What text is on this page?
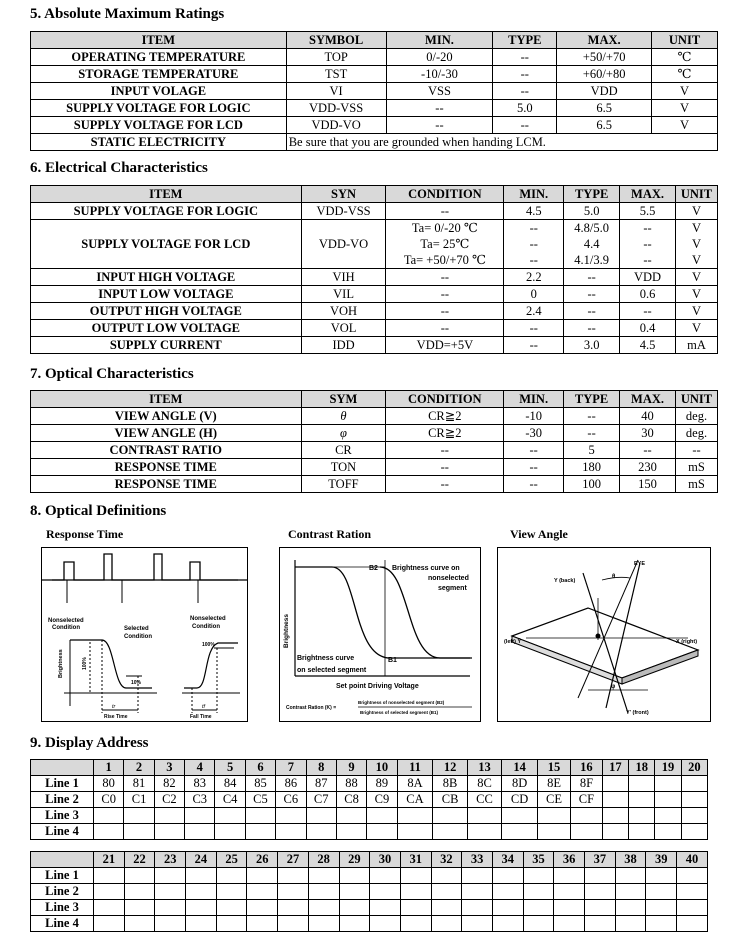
5. Absolute Maximum Ratings
ITEM	SYMBOL	MIN.	TYPE	MAX.	UNIT
OPERATING TEMPERATURE	TOP	0/-20	--	+50/+70	℃
STORAGE TEMPERATURE	TST	-10/-30	--	+60/+80	℃
INPUT VOLAGE	VI	VSS	--	VDD	V
SUPPLY VOLTAGE FOR LOGIC	VDD-VSS	--	5.0	6.5	V
SUPPLY VOLTAGE FOR LCD	VDD-VO	--	--	6.5	V
STATIC ELECTRICITY	Be sure that you are grounded when handing LCM.				
6. Electrical Characteristics
ITEM	SYN	CONDITION	MIN.	TYPE	MAX.	UNIT
SUPPLY VOLTAGE FOR LOGIC	VDD-VSS	--	4.5	5.0	5.5	V
SUPPLY VOLTAGE FOR LCD	VDD-VO	Ta= 0/-20 ℃	--	4.8/5.0	--	V
		Ta= 25℃	--	4.4	--	V
		Ta= +50/+70 ℃	--	4.1/3.9	--	V
INPUT HIGH VOLTAGE	VIH	--	2.2	--	VDD	V
INPUT LOW VOLTAGE	VIL	--	0	--	0.6	V
OUTPUT HIGH VOLTAGE	VOH	--	2.4	--	--	V
OUTPUT LOW VOLTAGE	VOL	--	--	--	0.4	V
SUPPLY CURRENT	IDD	VDD=+5V	--	3.0	4.5	mA
7. Optical Characteristics
ITEM	SYM	CONDITION	MIN.	TYPE	MAX.	UNIT
VIEW ANGLE (V)	θ	CR≧2	-10	--	40	deg.
VIEW ANGLE (H)	φ	CR≧2	-30	--	30	deg.
CONTRAST RATIO	CR	--	--	5	--	--
RESPONSE TIME	TON	--	--	180	230	mS
RESPONSE TIME	TOFF	--	--	100	150	mS
8. Optical Definitions
Response Time
Nonselected Condition	Selected Condition
Nonselected Condition
Brightness	100%
10%
100%
tr	tf
Rise Time	Fall Time
Contrast Ration
Brightness
B2
B1
Brightness curve on nonselected segment
Brightness curve on selected segment
Set point Driving Voltage
Contrast Ration (K) =
Brightness of nonselected segment (B2)
Brightness of selected segment (B1)
View Angle
Y (back)
EYE
θ
φ
(left) Ÿ	X (right)
Y' (front)
9. Display Address
	1	2	3	4	5	6	7	8	9	10	11	12	13	14	15	16	17	18	19	20
Line 1	80	81	82	83	84	85	86	87	88	89	8A	8B	8C	8D	8E	8F				
Line 2	C0	C1	C2	C3	C4	C5	C6	C7	C8	C9	CA	CB	CC	CD	CE	CF				
Line 3																				
Line 4																				
	21	22	23	24	25	26	27	28	29	30	31	32	33	34	35	36	37	38	39	40
Line 1																				
Line 2																				
Line 3																				
Line 4																				
